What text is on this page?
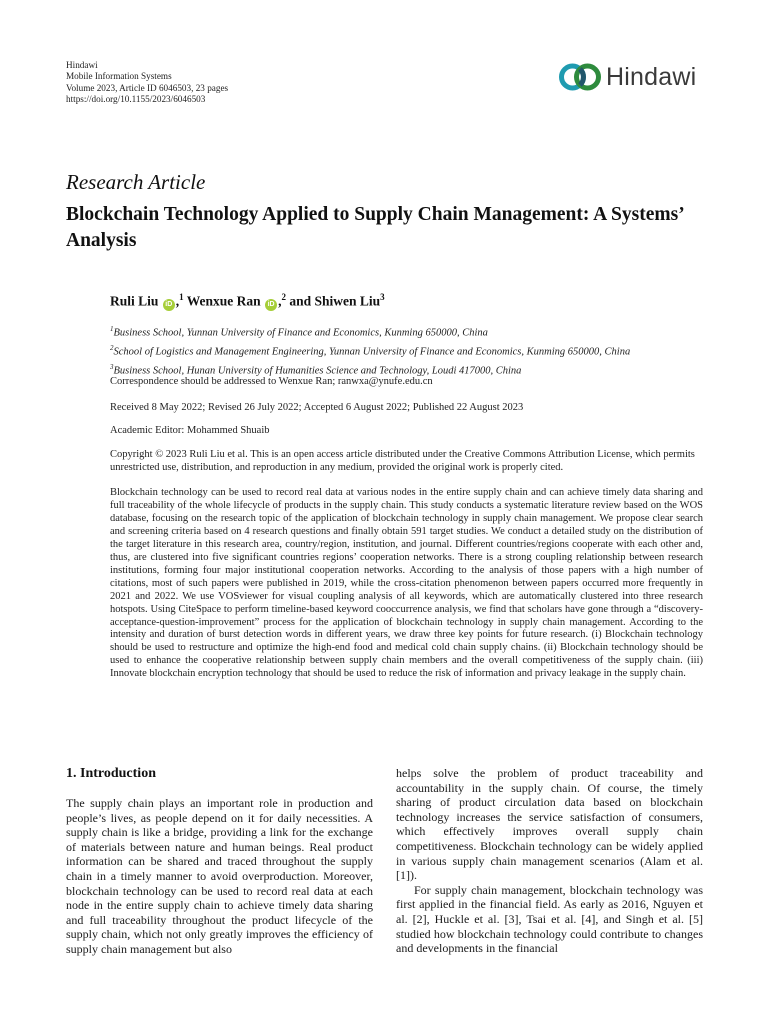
Hindawi
Mobile Information Systems
Volume 2023, Article ID 6046503, 23 pages
https://doi.org/10.1155/2023/6046503
Hindawi
Research Article
Blockchain Technology Applied to Supply Chain Management: A Systems’ Analysis
Ruli Liu iD ,$^1$ Wenxue Ran iD ,$^2$ and Shiwen Liu$^3$
$^1$Business School, Yunnan University of Finance and Economics, Kunming 650000, China
$^2$School of Logistics and Management Engineering, Yunnan University of Finance and Economics, Kunming 650000, China
$^3$Business School, Hunan University of Humanities Science and Technology, Loudi 417000, China
Correspondence should be addressed to Wenxue Ran; ranwxa@ynufe.edu.cn
Received 8 May 2022; Revised 26 July 2022; Accepted 6 August 2022; Published 22 August 2023
Academic Editor: Mohammed Shuaib
Copyright © 2023 Ruli Liu et al. This is an open access article distributed under the Creative Commons Attribution License, which permits unrestricted use, distribution, and reproduction in any medium, provided the original work is properly cited.

Blockchain technology can be used to record real data at various nodes in the entire supply chain and can achieve timely data sharing and full traceability of the whole lifecycle of products in the supply chain. This study conducts a systematic literature review based on the WOS database, focusing on the research topic of the application of blockchain technology in supply chain management. We propose clear search and screening criteria based on 4 research questions and finally obtain 591 target studies. We conduct a detailed study on the distribution of the target literature in this research area, country/region, institution, and journal. Different countries/regions cooperate with each other and, thus, are clustered into five significant countries regions’ cooperation networks. There is a strong coupling relationship between research institutions, forming four major institutional cooperation networks. According to the analysis of those papers with a high number of citations, most of such papers were published in 2019, while the cross-citation phenomenon between papers occurred more frequently in 2021 and 2022. We use VOSviewer for visual coupling analysis of all keywords, which are automatically clustered into three research hotspots. Using CiteSpace to perform timeline-based keyword cooccurrence analysis, we find that scholars have gone through a “discovery-acceptance-question-improvement” process for the application of blockchain technology in supply chain management. According to the intensity and duration of burst detection words in different years, we draw three key points for future research. (i) Blockchain technology should be used to restructure and optimize the high-end food and medical cold chain supply chains. (ii) Blockchain technology should be used to enhance the cooperative relationship between supply chain members and the overall competitiveness of the supply chain. (iii) Innovate blockchain encryption technology that should be used to reduce the risk of information and privacy leakage in the supply chain.

1. Introduction

The supply chain plays an important role in production and people’s lives, as people depend on it for daily necessities. A supply chain is like a bridge, providing a link for the exchange of materials between nature and human beings. Real product information can be shared and traced throughout the supply chain in a timely manner to avoid overproduction. Moreover, blockchain technology can be used to record real data at each node in the entire supply chain to achieve timely data sharing and full traceability throughout the product lifecycle of the supply chain, which not only greatly improves the efficiency of supply chain management but also

helps solve the problem of product traceability and accountability in the supply chain. Of course, the timely sharing of product circulation data based on blockchain technology increases the service satisfaction of consumers, which effectively improves overall supply chain competitiveness. Blockchain technology can be widely applied in various supply chain management scenarios (Alam et al. [1]).

For supply chain management, blockchain technology was first applied in the financial field. As early as 2016, Nguyen et al. [2], Huckle et al. [3], Tsai et al. [4], and Singh et al. [5] studied how blockchain technology could contribute to changes and developments in the financial
